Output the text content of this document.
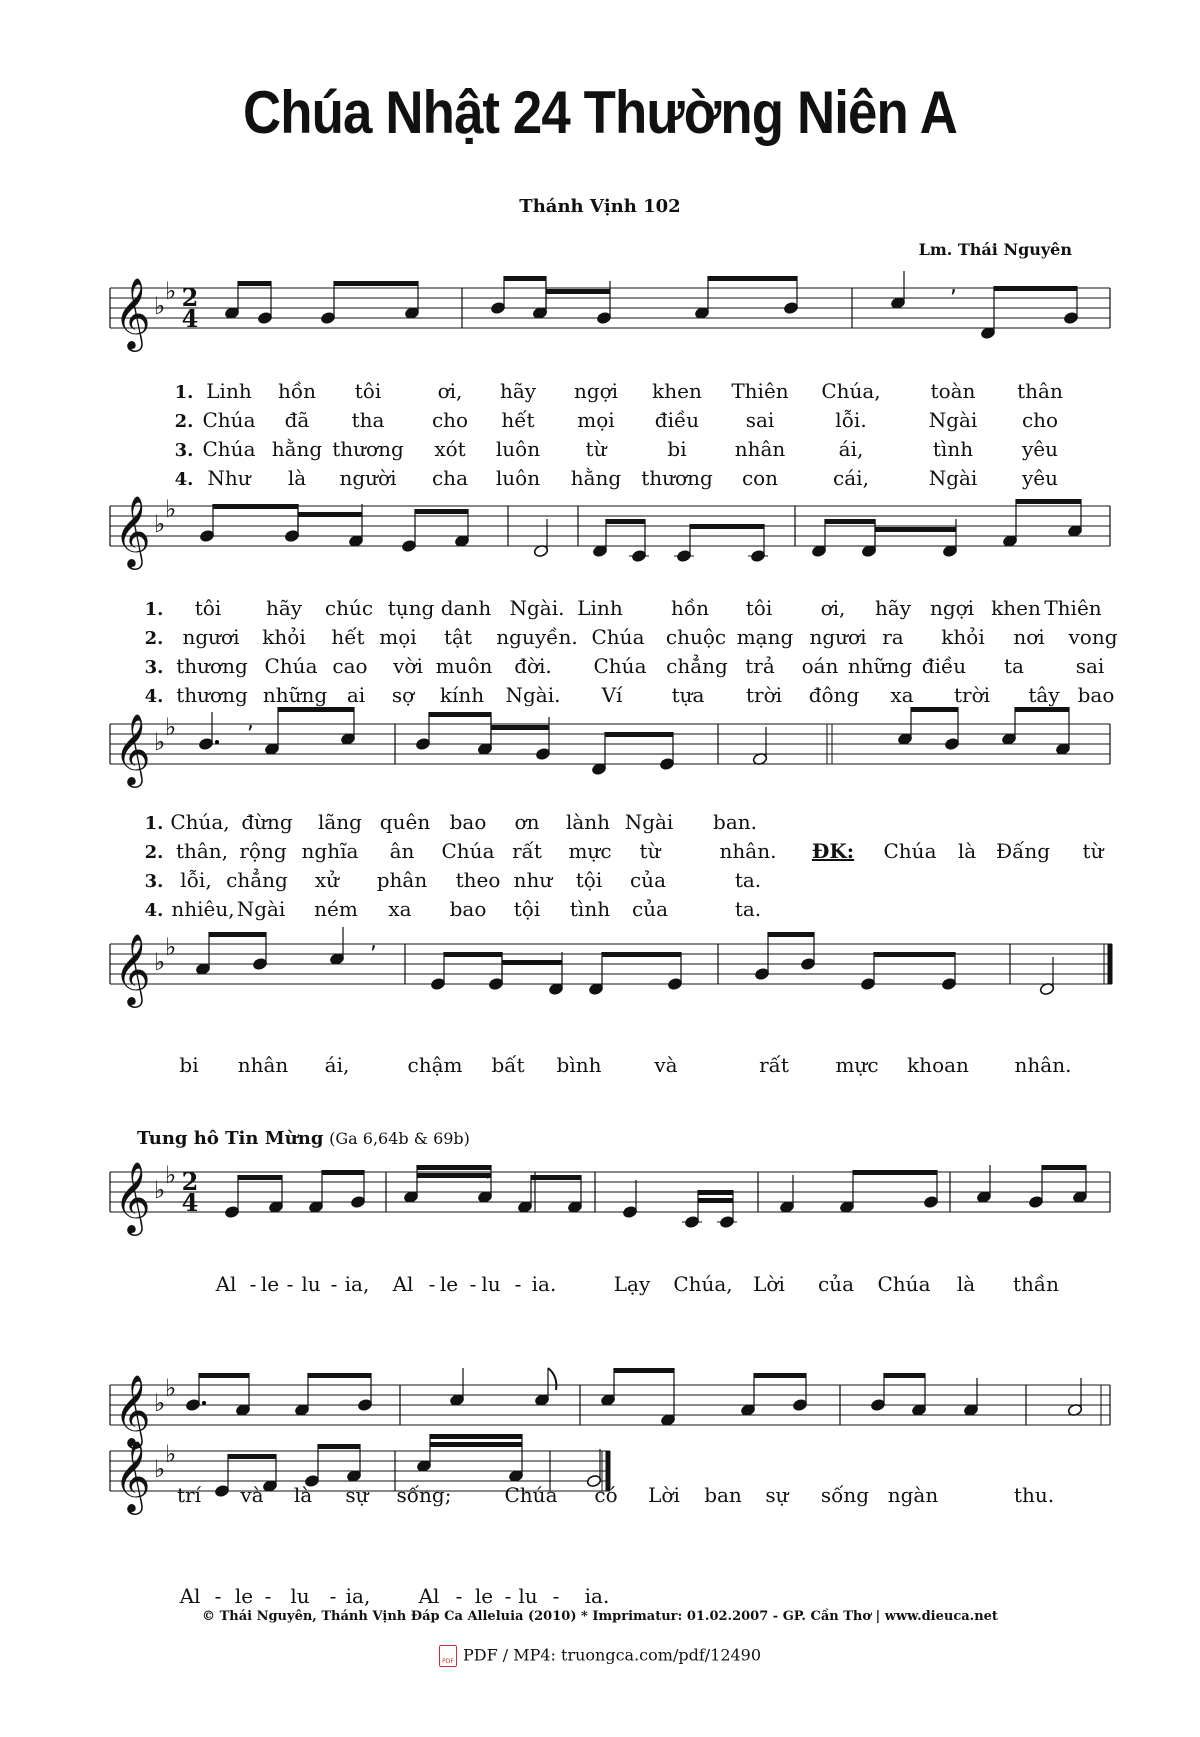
Chúa Nhật 24 Thường Niên A
Thánh Vịnh 102
Lm. Thái Nguyên
Tung hô Tin Mừng (Ga 6,64b & 69b)
𝄞 ♭
♭	,
2
4
𝄞 ♭
♭
𝄞 ♭
♭	,
𝄞 ♭
♭	,
𝄞 ♭
♭	,
2
4
𝄞 ♭
♭
𝄞 ♭
♭
1. Linh hồn tôi	ơi, hãy ngợi khen Thiên Chúa, toàn thân
2. Chúa đã tha cho hết mọi điều sai	lỗi.	Ngài cho
3. Chúa hằng thương xót luôn từ	bi nhân	ái,	tình yêu
4. Như là người cha luôn hằng thương con	cái,	Ngài yêu
1. tôi hãy chúc tụng danh Ngài. Linh hồn tôi ơi, hãy ngợi khen Thiên
2. ngươi khỏi hết mọi tật nguyền. Chúa chuộc mạng ngươi ra khỏi nơi vong
3. thương Chúa cao vời muôn đời. Chúa chẳng trả oán những điều ta	sai
4. thương những ai sợ kính Ngài. Ví tựa trời đông xa trời tây bao
1. Chúa, đừng lãng quên bao ơn lành Ngài ban.
2. thân, rộng nghĩa ân Chúa rất mực từ	nhân.
3. lỗi, chẳng xử phân theo như tội của	ta.
4. nhiêu, Ngài ném xa bao tội tình của	ta.
ĐK: Chúa là Đấng từ
bi nhân ái,	chậm bất bình	và	rất mực khoan nhân.
Al - le - lu - ia, Al - le - lu - ia.	Lạy Chúa, Lời của Chúa là thần
trí và là sự sống;	Chúa có Lời ban sự sống ngàn	thu.
Al - le - lu - ia, Al - le - lu - ia.
© Thái Nguyên, Thánh Vịnh Đáp Ca Alleluia (2010) * Imprimatur: 01.02.2007 - GP. Cần Thơ | www.dieuca.net
PDFPDF / MP4: truongca.com/pdf/12490
